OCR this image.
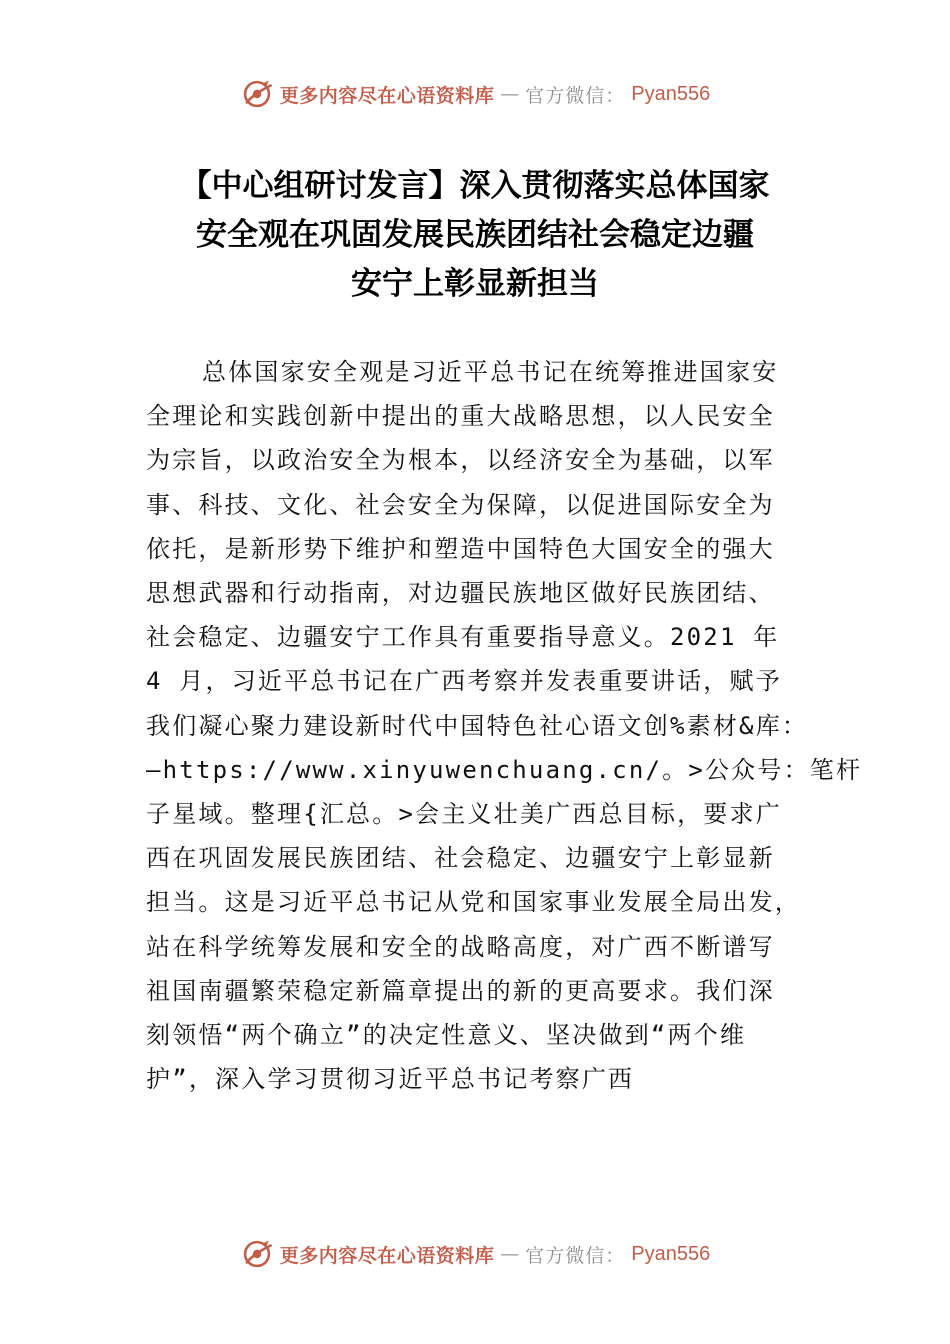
更多内容尽在心语资料库 — 官方微信： Pyan556
【中心组研讨发言】深入贯彻落实总体国家
安全观在巩固发展民族团结社会稳定边疆
安宁上彰显新担当
总体国家安全观是习近平总书记在统筹推进国家安
全理论和实践创新中提出的重大战略思想，以人民安全
为宗旨，以政治安全为根本，以经济安全为基础，以军
事、科技、文化、社会安全为保障，以促进国际安全为
依托，是新形势下维护和塑造中国特色大国安全的强大
思想武器和行动指南，对边疆民族地区做好民族团结、
社会稳定、边疆安宁工作具有重要指导意义。2021 年
4 月，习近平总书记在广西考察并发表重要讲话，赋予
我们凝心聚力建设新时代中国特色社心语文创%素材&库：
—https://www.xinyuwenchuang.cn/。>公众号：笔杆
子星域。整理{汇总。>会主义壮美广西总目标，要求广
西在巩固发展民族团结、社会稳定、边疆安宁上彰显新
担当。这是习近平总书记从党和国家事业发展全局出发，
站在科学统筹发展和安全的战略高度，对广西不断谱写
祖国南疆繁荣稳定新篇章提出的新的更高要求。我们深
刻领悟“两个确立”的决定性意义、坚决做到“两个维
护”，深入学习贯彻习近平总书记考察广西
更多内容尽在心语资料库 — 官方微信： Pyan556
